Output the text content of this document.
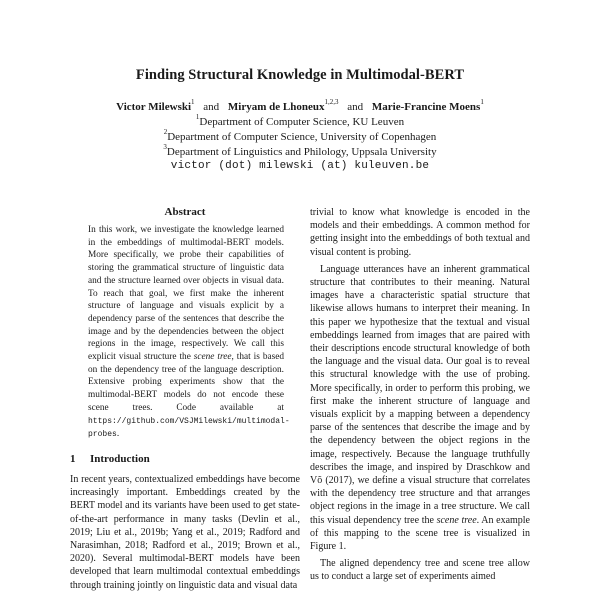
Finding Structural Knowledge in Multimodal-BERT
Victor Milewski$^1$ and Miryam de Lhoneux$^{1,2,3}$ and Marie-Francine Moens$^1$
$^1$Department of Computer Science, KU Leuven
$^2$Department of Computer Science, University of Copenhagen
$^3$Department of Linguistics and Philology, Uppsala University
victor (dot) milewski (at) kuleuven.be
Abstract
In this work, we investigate the knowledge learned in the embeddings of multimodal-BERT models. More specifically, we probe their capabilities of storing the grammatical structure of linguistic data and the structure learned over objects in visual data. To reach that goal, we first make the inherent structure of language and visuals explicit by a dependency parse of the sentences that describe the image and by the dependencies between the object regions in the image, respectively. We call this explicit visual structure the scene tree, that is based on the dependency tree of the language description. Extensive probing experiments show that the multimodal-BERT models do not encode these scene trees. Code available at https://github.com/VSJMilewski/multimodal-probes.
1 Introduction
In recent years, contextualized embeddings have become increasingly important. Embeddings created by the BERT model and its variants have been used to get state-of-the-art performance in many tasks (Devlin et al., 2019; Liu et al., 2019b; Yang et al., 2019; Radford and Narasimhan, 2018; Radford et al., 2019; Brown et al., 2020). Several multimodal-BERT models have been developed that learn multimodal contextual embeddings through training jointly on linguistic data and visual data

trivial to know what knowledge is encoded in the models and their embeddings. A common method for getting insight into the embeddings of both textual and visual content is probing.

Language utterances have an inherent grammatical structure that contributes to their meaning. Natural images have a characteristic spatial structure that likewise allows humans to interpret their meaning. In this paper we hypothesize that the textual and visual embeddings learned from images that are paired with their descriptions encode structural knowledge of both the language and the visual data. Our goal is to reveal this structural knowledge with the use of probing. More specifically, in order to perform this probing, we first make the inherent structure of language and visuals explicit by a mapping between a dependency parse of the sentences that describe the image and by the dependency between the object regions in the image, respectively. Because the language truthfully describes the image, and inspired by Draschkow and Võ (2017), we define a visual structure that correlates with the dependency tree structure and that arranges object regions in the image in a tree structure. We call this visual dependency tree the scene tree. An example of this mapping to the scene tree is visualized in Figure 1.

The aligned dependency tree and scene tree allow us to conduct a large set of experiments aimed
